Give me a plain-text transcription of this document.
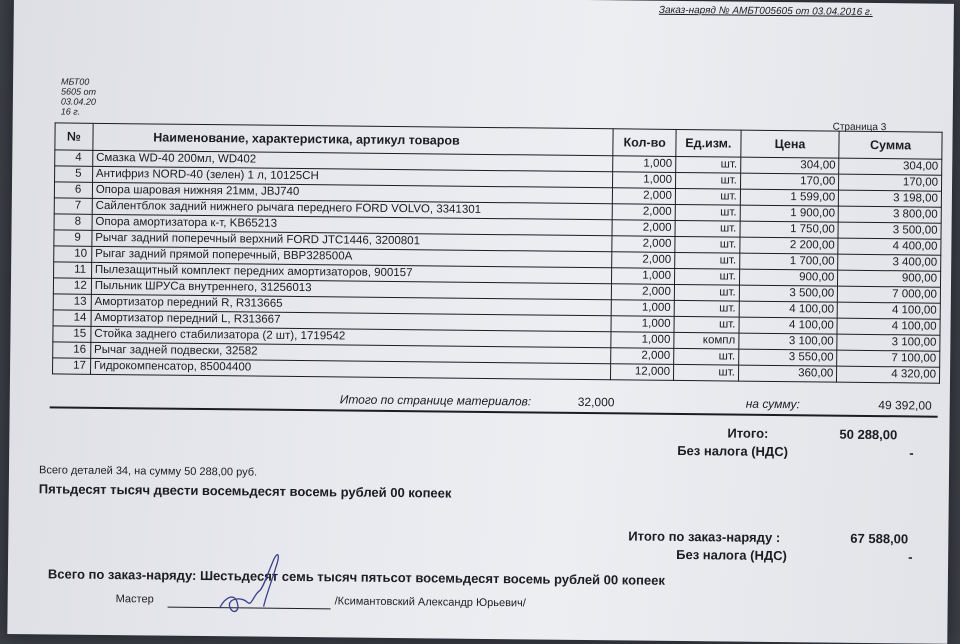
Заказ-наряд № АМБТ005605 от 03.04.2016 г.
МБТ00
5605 от
03.04.20
16 г.
Страница 3
№	Наименование, характеристика, артикул товаров	Кол-во	Ед.изм.	Цена	Сумма
4	Смазка WD-40 200мл, WD402	1,000	шт.	304,00	304,00
5	Антифриз NORD-40 (зелен) 1 л, 10125CH	1,000	шт.	170,00	170,00
6	Опора шаровая нижняя 21мм, JBJ740	2,000	шт.	1 599,00	3 198,00
7	Сайлентблок задний нижнего рычага переднего FORD VOLVO, 3341301	2,000	шт.	1 900,00	3 800,00
8	Опора амортизатора к-т, KB65213	2,000	шт.	1 750,00	3 500,00
9	Рычаг задний поперечный верхний FORD JTC1446, 3200801	2,000	шт.	2 200,00	4 400,00
10	Рыгаг задний прямой поперечный, BBP328500A	2,000	шт.	1 700,00	3 400,00
11	Пылезащитный комплект передних амортизаторов, 900157	1,000	шт.	900,00	900,00
12	Пыльник ШРУСа внутреннего, 31256013	2,000	шт.	3 500,00	7 000,00
13	Амортизатор передний R, R313665	1,000	шт.	4 100,00	4 100,00
14	Амортизатор передний L, R313667	1,000	шт.	4 100,00	4 100,00
15	Стойка заднего стабилизатора (2 шт), 1719542	1,000	компл	3 100,00	3 100,00
16	Рычаг задней подвески, 32582	2,000	шт.	3 550,00	7 100,00
17	Гидрокомпенсатор, 85004400	12,000	шт.	360,00	4 320,00
Итого по странице материалов:	32,000	на сумму:	49 392,00
Итого:	50 288,00
Без налога (НДС)	-
Всего деталей 34, на сумму 50 288,00 руб.
Пятьдесят тысяч двести восемьдесят восемь рублей 00 копеек
Итого по заказ-наряду :	67 588,00
Без налога (НДС)	-
Всего по заказ-наряду: Шестьдесят семь тысяч пятьсот восемьдесят восемь рублей 00 копеек
Мастер	/Ксимантовский Александр Юрьевич/
